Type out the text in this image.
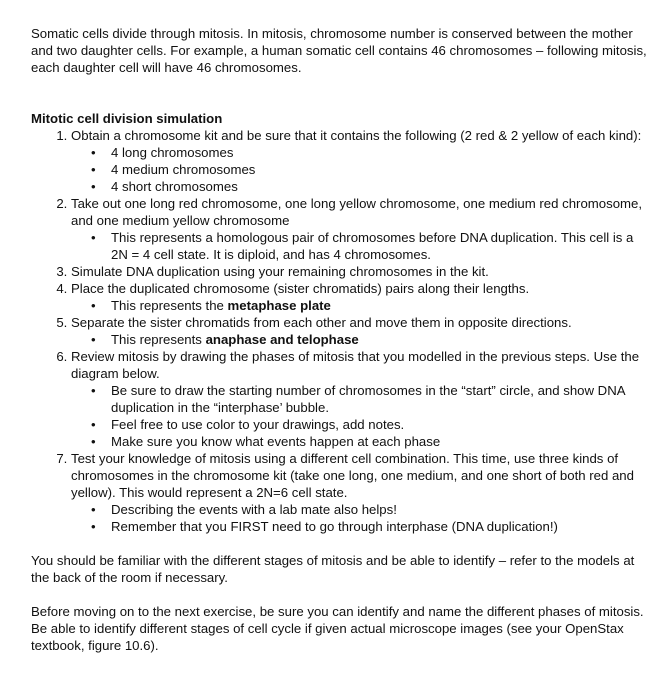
Somatic cells divide through mitosis. In mitosis, chromosome number is conserved between the mother and two daughter cells. For example, a human somatic cell contains 46 chromosomes – following mitosis, each daughter cell will have 46 chromosomes.

Mitotic cell division simulation

1. Obtain a chromosome kit and be sure that it contains the following (2 red & 2 yellow of each kind):
• 4 long chromosomes
• 4 medium chromosomes
• 4 short chromosomes
2. Take out one long red chromosome, one long yellow chromosome, one medium red chromosome, and one medium yellow chromosome
• This represents a homologous pair of chromosomes before DNA duplication. This cell is a 2N = 4 cell state. It is diploid, and has 4 chromosomes.
3. Simulate DNA duplication using your remaining chromosomes in the kit.
4. Place the duplicated chromosome (sister chromatids) pairs along their lengths.
• This represents the metaphase plate
5. Separate the sister chromatids from each other and move them in opposite directions.
• This represents anaphase and telophase
6. Review mitosis by drawing the phases of mitosis that you modelled in the previous steps. Use the diagram below.
• Be sure to draw the starting number of chromosomes in the “start” circle, and show DNA duplication in the “interphase’ bubble.
• Feel free to use color to your drawings, add notes.
• Make sure you know what events happen at each phase
7. Test your knowledge of mitosis using a different cell combination. This time, use three kinds of chromosomes in the chromosome kit (take one long, one medium, and one short of both red and yellow). This would represent a 2N=6 cell state.
• Describing the events with a lab mate also helps!
• Remember that you FIRST need to go through interphase (DNA duplication!)

You should be familiar with the different stages of mitosis and be able to identify – refer to the models at the back of the room if necessary.

Before moving on to the next exercise, be sure you can identify and name the different phases of mitosis. Be able to identify different stages of cell cycle if given actual microscope images (see your OpenStax textbook, figure 10.6).
